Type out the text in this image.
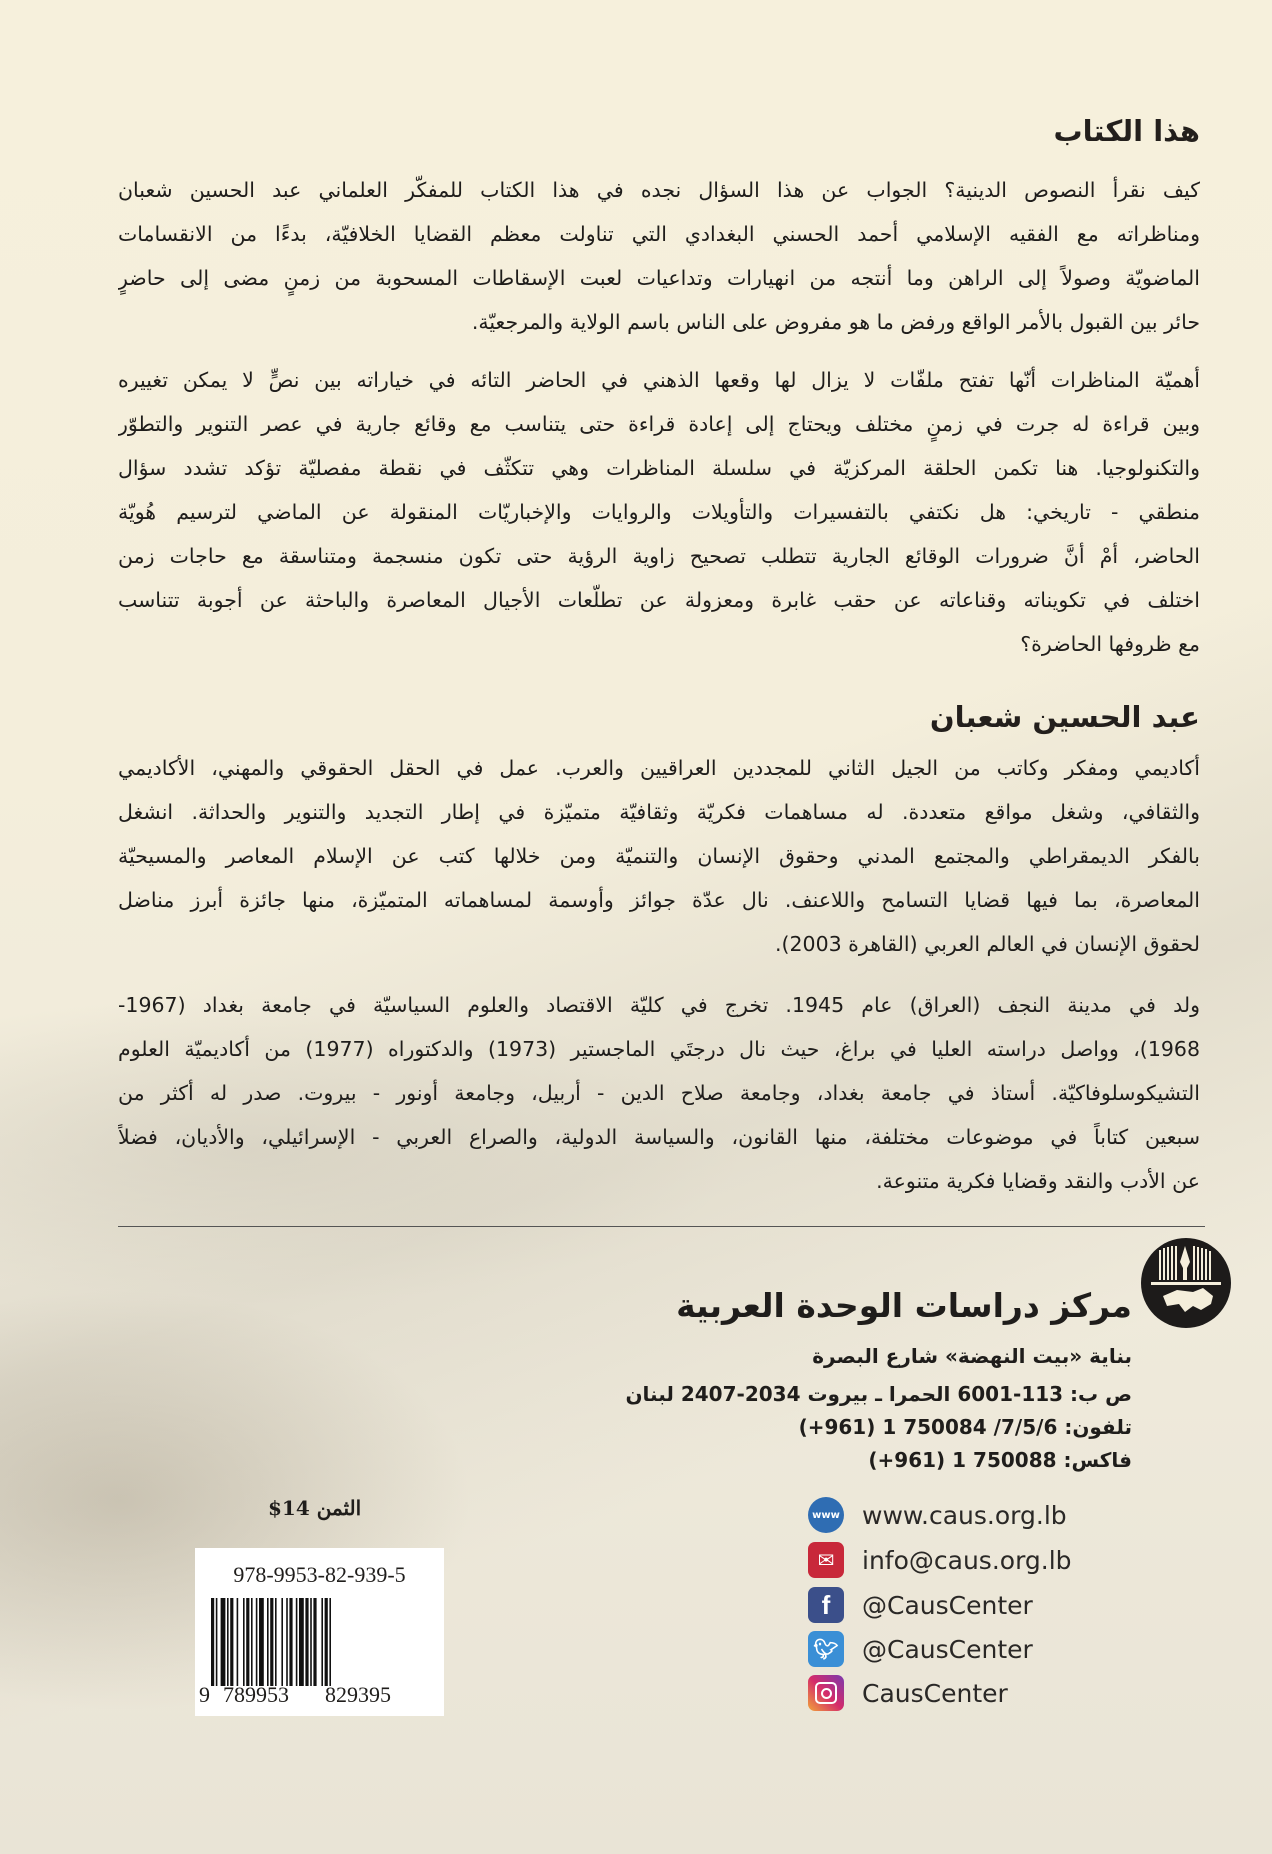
هذا الكتاب
كيف نقرأ النصوص الدينية؟ الجواب عن هذا السؤال نجده في هذا الكتاب للمفكّر العلماني عبد الحسين شعبان
ومناظراته مع الفقيه الإسلامي أحمد الحسني البغدادي التي تناولت معظم القضايا الخلافيّة، بدءًا من الانقسامات
الماضويّة وصولاً إلى الراهن وما أنتجه من انهيارات وتداعيات لعبت الإسقاطات المسحوبة من زمنٍ مضى إلى حاضرٍ
حائر بين القبول بالأمر الواقع ورفض ما هو مفروض على الناس باسم الولاية والمرجعيّة.
أهميّة المناظرات أنّها تفتح ملفّات لا يزال لها وقعها الذهني في الحاضر التائه في خياراته بين نصٍّ لا يمكن تغييره
وبين قراءة له جرت في زمنٍ مختلف ويحتاج إلى إعادة قراءة حتى يتناسب مع وقائع جارية في عصر التنوير والتطوّر
والتكنولوجيا. هنا تكمن الحلقة المركزيّة في سلسلة المناظرات وهي تتكثّف في نقطة مفصليّة تؤكد تشدد سؤال
منطقي - تاريخي: هل نكتفي بالتفسيرات والتأويلات والروايات والإخباريّات المنقولة عن الماضي لترسيم هُويّة
الحاضر، أمْ أنَّ ضرورات الوقائع الجارية تتطلب تصحيح زاوية الرؤية حتى تكون منسجمة ومتناسقة مع حاجات زمن
اختلف في تكويناته وقناعاته عن حقب غابرة ومعزولة عن تطلّعات الأجيال المعاصرة والباحثة عن أجوبة تتناسب
مع ظروفها الحاضرة؟
عبد الحسين شعبان
أكاديمي ومفكر وكاتب من الجيل الثاني للمجددين العراقيين والعرب. عمل في الحقل الحقوقي والمهني، الأكاديمي
والثقافي، وشغل مواقع متعددة. له مساهمات فكريّة وثقافيّة متميّزة في إطار التجديد والتنوير والحداثة. انشغل
بالفكر الديمقراطي والمجتمع المدني وحقوق الإنسان والتنميّة ومن خلالها كتب عن الإسلام المعاصر والمسيحيّة
المعاصرة، بما فيها قضايا التسامح واللاعنف. نال عدّة جوائز وأوسمة لمساهماته المتميّزة، منها جائزة أبرز مناضل
لحقوق الإنسان في العالم العربي (القاهرة 2003).
ولد في مدينة النجف (العراق) عام 1945. تخرج في كليّة الاقتصاد والعلوم السياسيّة في جامعة بغداد (1967-
1968)، وواصل دراسته العليا في براغ، حيث نال درجتَي الماجستير (1973) والدكتوراه (1977) من أكاديميّة العلوم
التشيكوسلوفاكيّة. أستاذ في جامعة بغداد، وجامعة صلاح الدين - أربيل، وجامعة أونور - بيروت. صدر له أكثر من
سبعين كتاباً في موضوعات مختلفة، منها القانون، والسياسة الدولية، والصراع العربي - الإسرائيلي، والأديان، فضلاً
عن الأدب والنقد وقضايا فكرية متنوعة.
مركز دراسات الوحدة العربية
بناية «بيت النهضة» شارع البصرة
ص ب: 113-6001 الحمرا ـ بيروت 2034-2407 لبنان
تلفون: 7/5/6/ 750084 1 (961+)
فاكس: 750088 1 (961+)
الثمن 14$
978-9953-82-939-5
9 789953 829395
www www.caus.org.lb
✉	info@caus.org.lb
f	@CausCenter
🐦︎ @CausCenter
CausCenter
